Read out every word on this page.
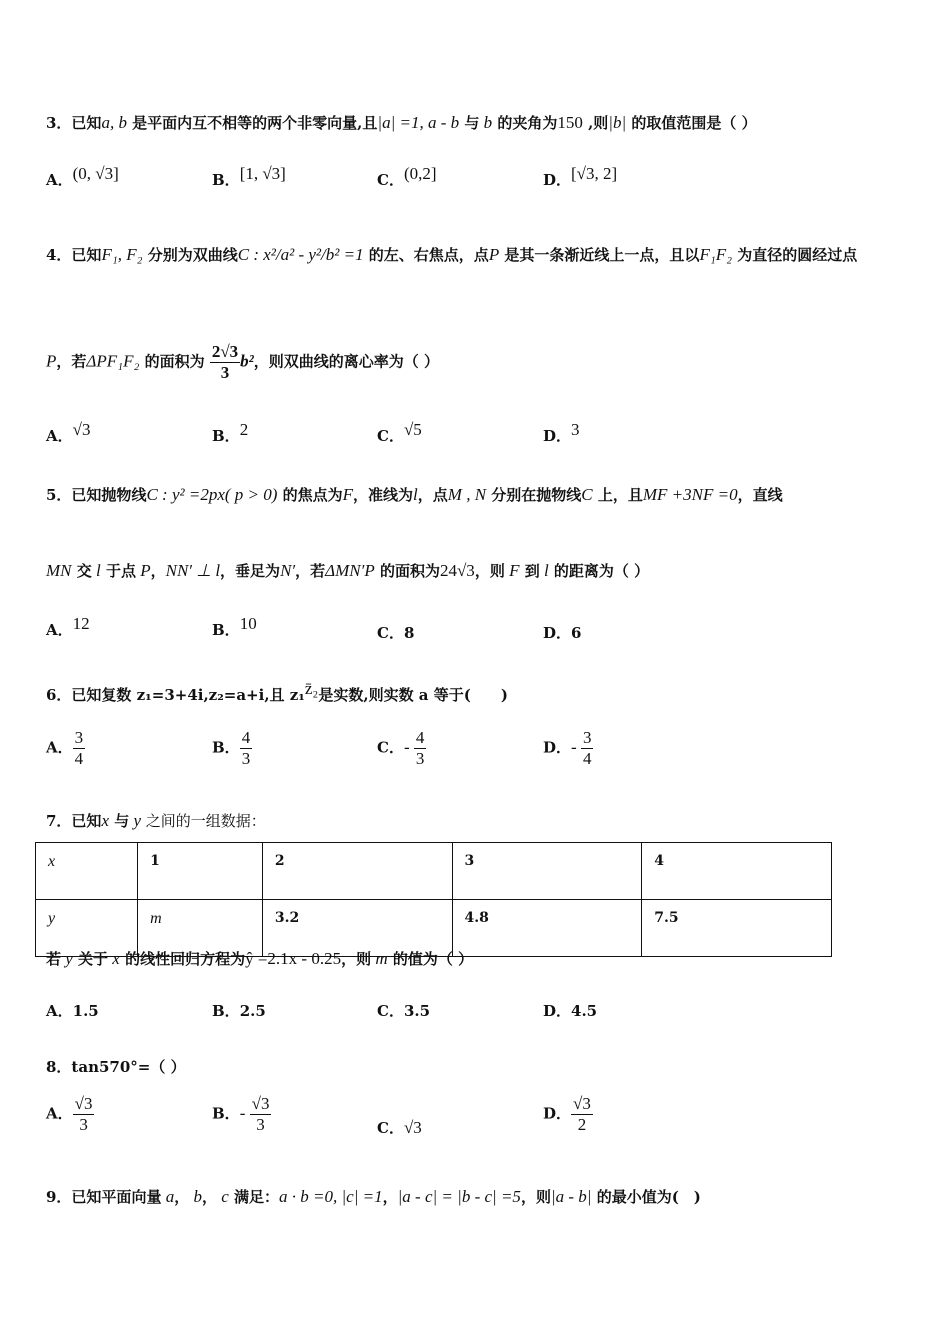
3．已知a, b 是平面内互不相等的两个非零向量,且|a| =1, a - b 与 b 的夹角为150 ,则|b| 的取值范围是（ ）
A．(0, √3]	B．[1, √3]	C．(0,2]	D．[√3, 2]
4．已知F₁, F₂ 分别为双曲线C : x²/a² - y²/b² =1 的左、右焦点，点P 是其一条渐近线上一点，且以F₁F₂ 为直径的圆经过点
P，若ΔPF₁F₂ 的面积为 $\frac{2√3}{3} b^2$，则双曲线的离心率为（ ）
A．√3	B．2	C．√5	D．3
5．已知抛物线C : y² =2px( p > 0) 的焦点为F，准线为l，点M , N 分别在抛物线C 上，且MF +3NF =0，直线
MN 交 l 于点 P，NN′ ⊥ l，垂足为N′，若ΔMN′P 的面积为24√3，则 F 到 l 的距离为（ ）
A．12	B．10	C．8	D．6
6．已知复数 z₁=3+4i,z₂=a+i,且 z₁z̄₂是实数,则实数 a 等于(　　)
A． $\frac{3}{4}$	B． $\frac{4}{3}$	C．- $\frac{4}{3}$	D．- $\frac{3}{4}$
7．已知x 与 y 之间的一组数据：
x	1	2	3	4
y	m	3.2	4.8	7.5
若 y 关于 x 的线性回归方程为ŷ =2.1x - 0.25，则 m 的值为（ ）
A．1.5	B．2.5	C．3.5	D．4.5
8．tan570°=（ ）
A． $\frac{√3}{3}$	B．- $\frac{√3}{3}$	C．√3
D． $\frac{√3}{2}$
9．已知平面向量 a， b， c 满足：a · b =0, |c| =1，|a - c| = |b - c| =5，则|a - b| 的最小值为(　)
